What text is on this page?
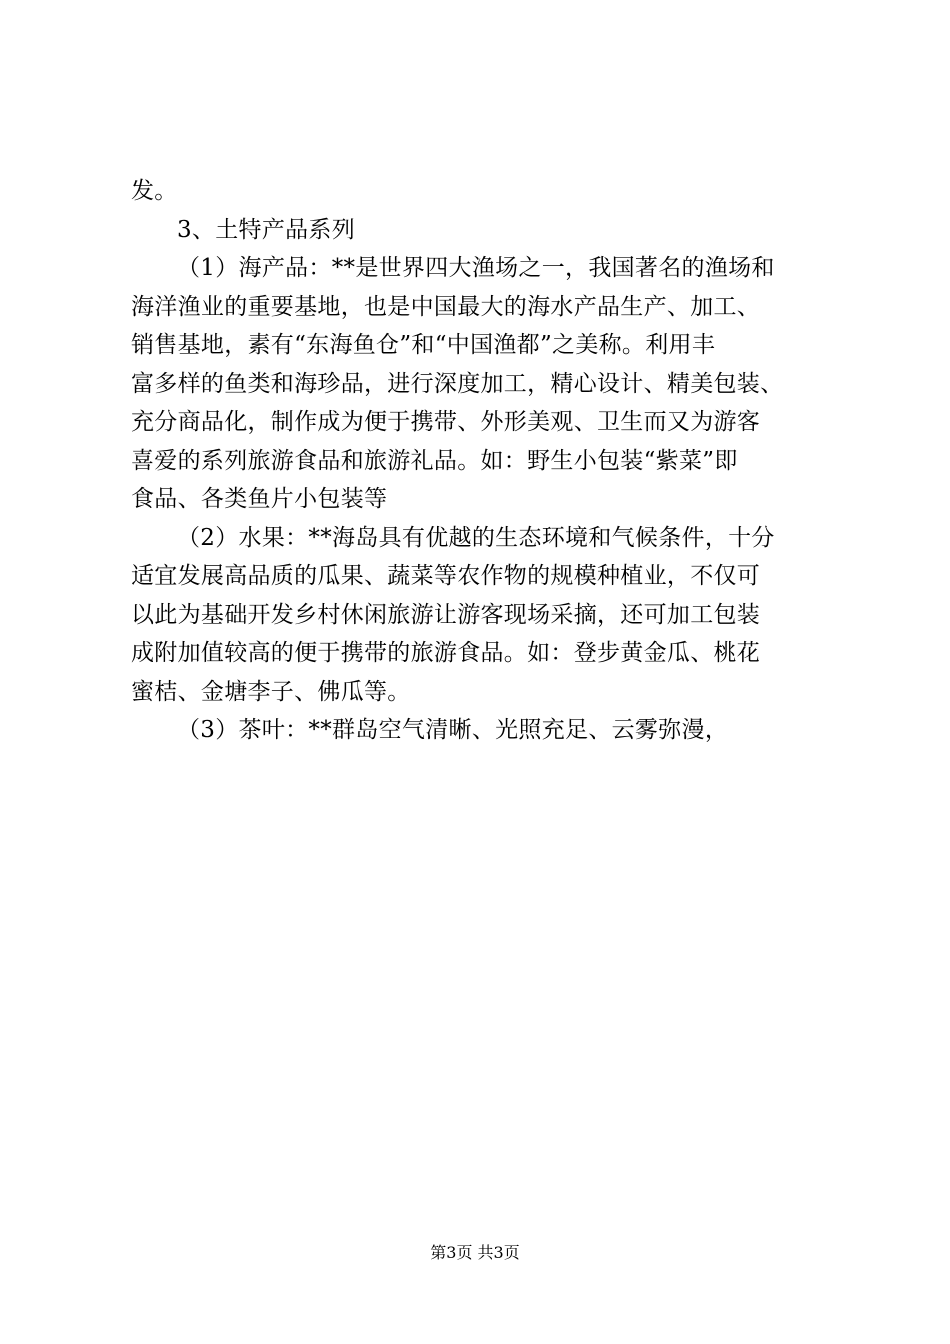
发。
3、土特产品系列
（1）海产品：**是世界四大渔场之一，我国著名的渔场和
海洋渔业的重要基地，也是中国最大的海水产品生产、加工、
销售基地，素有“东海鱼仓”和“中国渔都”之美称。利用丰
富多样的鱼类和海珍品，进行深度加工，精心设计、精美包装、
充分商品化，制作成为便于携带、外形美观、卫生而又为游客
喜爱的系列旅游食品和旅游礼品。如：野生小包装“紫菜”即
食品、各类鱼片小包装等
（2）水果：**海岛具有优越的生态环境和气候条件，十分
适宜发展高品质的瓜果、蔬菜等农作物的规模种植业，不仅可
以此为基础开发乡村休闲旅游让游客现场采摘，还可加工包装
成附加值较高的便于携带的旅游食品。如：登步黄金瓜、桃花
蜜桔、金塘李子、佛瓜等。
（3）茶叶：**群岛空气清晰、光照充足、云雾弥漫，
第3页 共3页
